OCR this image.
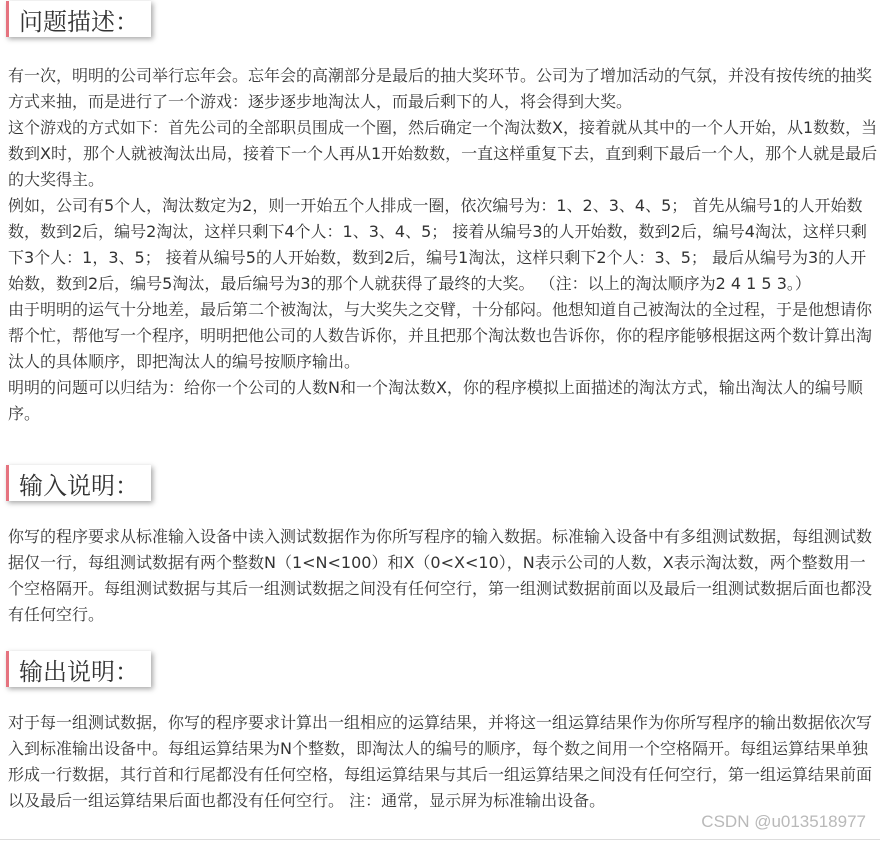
问题描述：

有一次，明明的公司举行忘年会。忘年会的高潮部分是最后的抽大奖环节。公司为了增加活动的气氛，并没有按传统的抽奖方式来抽，而是进行了一个游戏：逐步逐步地淘汰人，而最后剩下的人，将会得到大奖。

这个游戏的方式如下：首先公司的全部职员围成一个圈，然后确定一个淘汰数X，接着就从其中的一个人开始，从1数数，当数到X时，那个人就被淘汰出局，接着下一个人再从1开始数数，一直这样重复下去，直到剩下最后一个人，那个人就是最后的大奖得主。

例如，公司有5个人，淘汰数定为2，则一开始五个人排成一圈，依次编号为：1、2、3、4、5； 首先从编号1的人开始数数，数到2后，编号2淘汰，这样只剩下4个人：1、3、4、5； 接着从编号3的人开始数，数到2后，编号4淘汰，这样只剩下3个人：1，3、5； 接着从编号5的人开始数，数到2后，编号1淘汰，这样只剩下2个人：3、5； 最后从编号为3的人开始数，数到2后，编号5淘汰，最后编号为3的那个人就获得了最终的大奖。 （注：以上的淘汰顺序为2 4 1 5 3。）

由于明明的运气十分地差，最后第二个被淘汰，与大奖失之交臂，十分郁闷。他想知道自己被淘汰的全过程，于是他想请你帮个忙，帮他写一个程序，明明把他公司的人数告诉你，并且把那个淘汰数也告诉你，你的程序能够根据这两个数计算出淘汰人的具体顺序，即把淘汰人的编号按顺序输出。

明明的问题可以归结为：给你一个公司的人数N和一个淘汰数X，你的程序模拟上面描述的淘汰方式，输出淘汰人的编号顺序。

输入说明：

你写的程序要求从标准输入设备中读入测试数据作为你所写程序的输入数据。标准输入设备中有多组测试数据，每组测试数据仅一行，每组测试数据有两个整数N（1<N<100）和X（0<X<10），N表示公司的人数，X表示淘汰数，两个整数用一个空格隔开。每组测试数据与其后一组测试数据之间没有任何空行，第一组测试数据前面以及最后一组测试数据后面也都没有任何空行。

输出说明：

对于每一组测试数据，你写的程序要求计算出一组相应的运算结果，并将这一组运算结果作为你所写程序的输出数据依次写入到标准输出设备中。每组运算结果为N个整数，即淘汰人的编号的顺序，每个数之间用一个空格隔开。每组运算结果单独形成一行数据，其行首和行尾都没有任何空格，每组运算结果与其后一组运算结果之间没有任何空行，第一组运算结果前面以及最后一组运算结果后面也都没有任何空行。 注：通常，显示屏为标准输出设备。

CSDN @u013518977
